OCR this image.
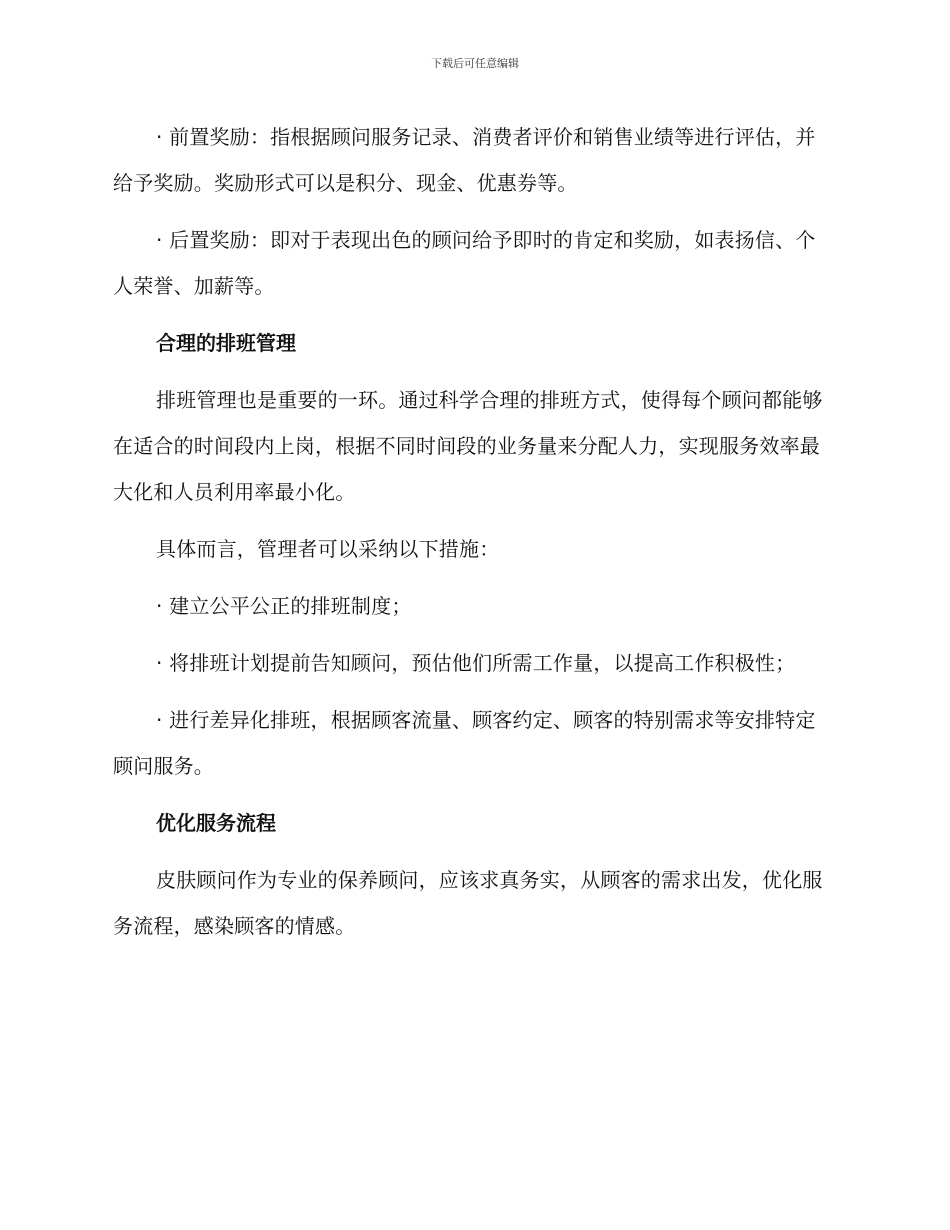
下载后可任意编辑

· 前置奖励：指根据顾问服务记录、消费者评价和销售业绩等进行评估，并给予奖励。奖励形式可以是积分、现金、优惠券等。

· 后置奖励：即对于表现出色的顾问给予即时的肯定和奖励，如表扬信、个人荣誉、加薪等。

合理的排班管理

排班管理也是重要的一环。通过科学合理的排班方式，使得每个顾问都能够在适合的时间段内上岗，根据不同时间段的业务量来分配人力，实现服务效率最大化和人员利用率最小化。

具体而言，管理者可以采纳以下措施：

· 建立公平公正的排班制度；

· 将排班计划提前告知顾问，预估他们所需工作量，以提高工作积极性；

· 进行差异化排班，根据顾客流量、顾客约定、顾客的特别需求等安排特定顾问服务。

优化服务流程

皮肤顾问作为专业的保养顾问，应该求真务实，从顾客的需求出发，优化服务流程，感染顾客的情感。
